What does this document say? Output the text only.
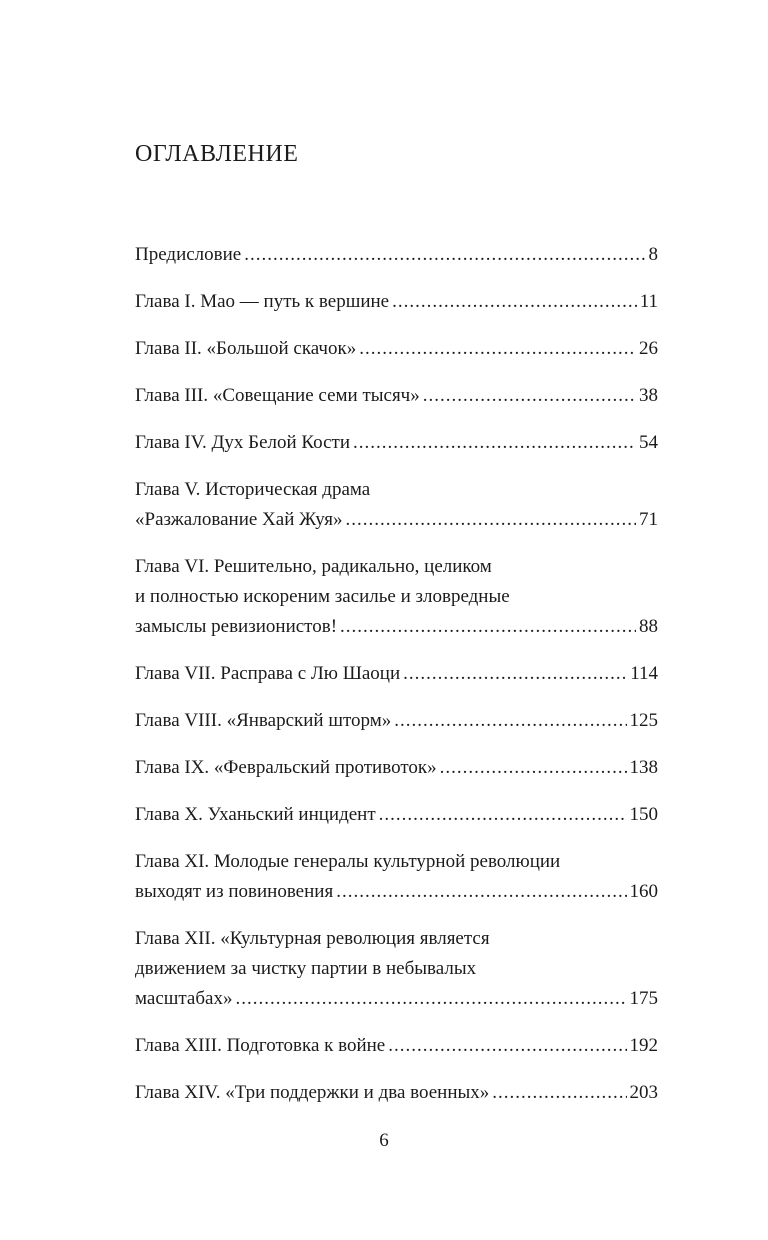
ОГЛАВЛЕНИЕ
Предисловие .....	8
Глава I. Мао — путь к вершине .....	11
Глава II. «Большой скачок» .....	26
Глава III. «Совещание семи тысяч» .....	38
Глава IV. Дух Белой Кости .....	54
Глава V. Историческая драма
«Разжалование Хай Жуя» .....	71
Глава VI. Решительно, радикально, целиком
и полностью искореним засилье и зловредные
замыслы ревизионистов! .....	88
Глава VII. Расправа с Лю Шаоци .....	114
Глава VIII. «Январский шторм» .....	125
Глава IX. «Февральский противоток» .....	138
Глава X. Уханьский инцидент .....	150
Глава XI. Молодые генералы культурной революции
выходят из повиновения .....	160
Глава XII. «Культурная революция является
движением за чистку партии в небывалых
масштабах» .....	175
Глава XIII. Подготовка к войне .....	192
Глава XIV. «Три поддержки и два военных» .....	203
6
